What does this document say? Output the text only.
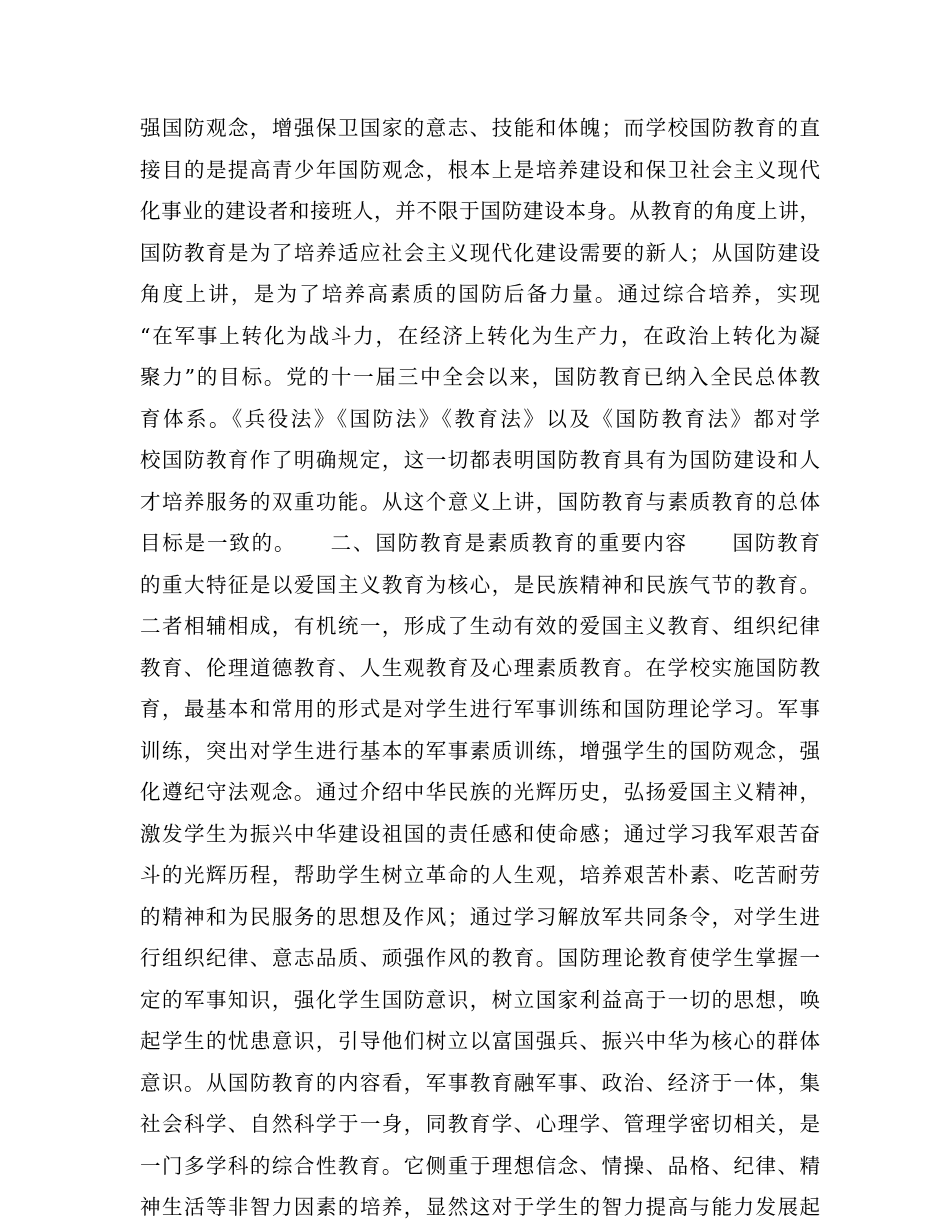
强国防观念，增强保卫国家的意志、技能和体魄；而学校国防教育的直
接目的是提高青少年国防观念，根本上是培养建设和保卫社会主义现代
化事业的建设者和接班人，并不限于国防建设本身。从教育的角度上讲，
国防教育是为了培养适应社会主义现代化建设需要的新人；从国防建设
角度上讲，是为了培养高素质的国防后备力量。通过综合培养，实现
“在军事上转化为战斗力，在经济上转化为生产力，在政治上转化为凝
聚力”的目标。党的十一届三中全会以来，国防教育已纳入全民总体教
育体系。《兵役法》《国防法》《教育法》以及《国防教育法》都对学
校国防教育作了明确规定，这一切都表明国防教育具有为国防建设和人
才培养服务的双重功能。从这个意义上讲，国防教育与素质教育的总体
目标是一致的。　　二、国防教育是素质教育的重要内容　　国防教育
的重大特征是以爱国主义教育为核心，是民族精神和民族气节的教育。
二者相辅相成，有机统一，形成了生动有效的爱国主义教育、组织纪律
教育、伦理道德教育、人生观教育及心理素质教育。在学校实施国防教
育，最基本和常用的形式是对学生进行军事训练和国防理论学习。军事
训练，突出对学生进行基本的军事素质训练，增强学生的国防观念，强
化遵纪守法观念。通过介绍中华民族的光辉历史，弘扬爱国主义精神，
激发学生为振兴中华建设祖国的责任感和使命感；通过学习我军艰苦奋
斗的光辉历程，帮助学生树立革命的人生观，培养艰苦朴素、吃苦耐劳
的精神和为民服务的思想及作风；通过学习解放军共同条令，对学生进
行组织纪律、意志品质、顽强作风的教育。国防理论教育使学生掌握一
定的军事知识，强化学生国防意识，树立国家利益高于一切的思想，唤
起学生的忧患意识，引导他们树立以富国强兵、振兴中华为核心的群体
意识。从国防教育的内容看，军事教育融军事、政治、经济于一体，集
社会科学、自然科学于一身，同教育学、心理学、管理学密切相关，是
一门多学科的综合性教育。它侧重于理想信念、情操、品格、纪律、精
神生活等非智力因素的培养，显然这对于学生的智力提高与能力发展起
